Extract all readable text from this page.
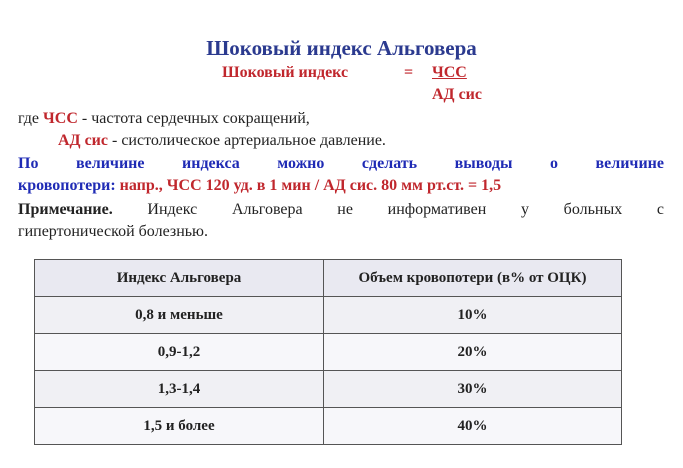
Шоковый индекс Альговера
Шоковый индекс	= ЧСС
АД сис
где ЧСС - частота сердечных сокращений,
АД сис - систолическое артериальное давление.
По величине индекса можно сделать выводы о величине
кровопотери: напр., ЧСС 120 уд. в 1 мин / АД сис. 80 мм рт.ст. = 1,5
Примечание. Индекс Альговера не информативен у больных с
гипертонической болезнью.
Индекс Альговера	Объем кровопотери (в% от ОЦК)
0,8 и меньше	10%
0,9-1,2	20%
1,3-1,4	30%
1,5 и более	40%
